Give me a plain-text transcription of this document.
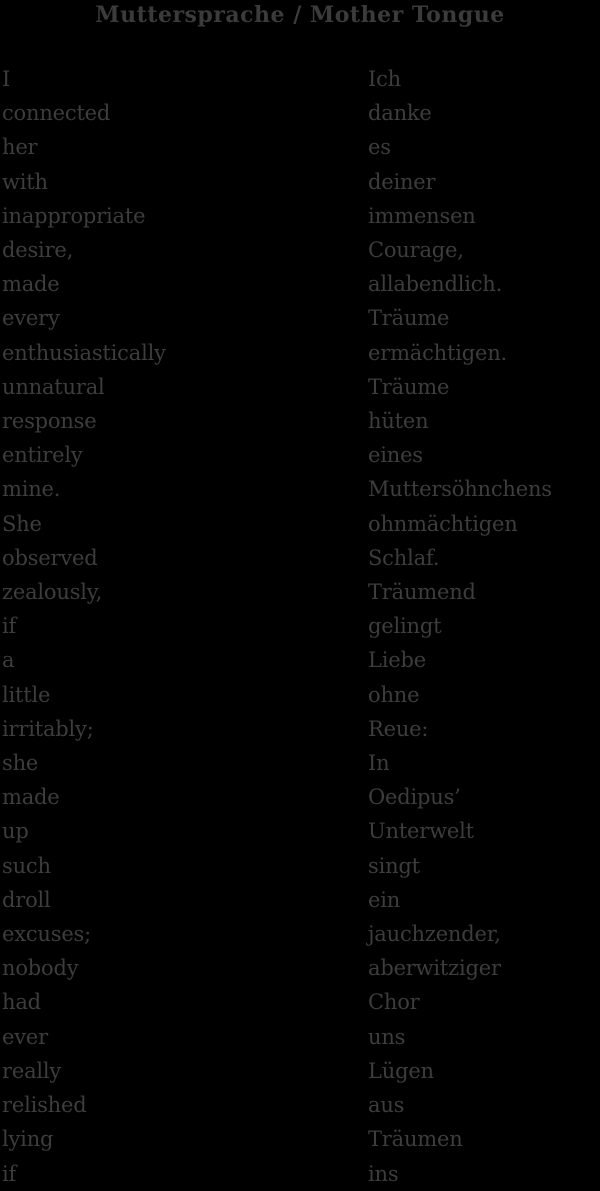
Muttersprache / Mother Tongue
I
connected
her
with
inappropriate
desire,
made
every
enthusiastically
unnatural
response
entirely
mine.
She
observed
zealously,
if
a
little
irritably;
she
made
up
such
droll
excuses;
nobody
had
ever
really
relished
lying
if
Ich
danke
es
deiner
immensen
Courage,
allabendlich.
Träume
ermächtigen.
Träume
hüten
eines
Muttersöhnchens
ohnmächtigen
Schlaf.
Träumend
gelingt
Liebe
ohne
Reue:
In
Oedipus’
Unterwelt
singt
ein
jauchzender,
aberwitziger
Chor
uns
Lügen
aus
Träumen
ins
